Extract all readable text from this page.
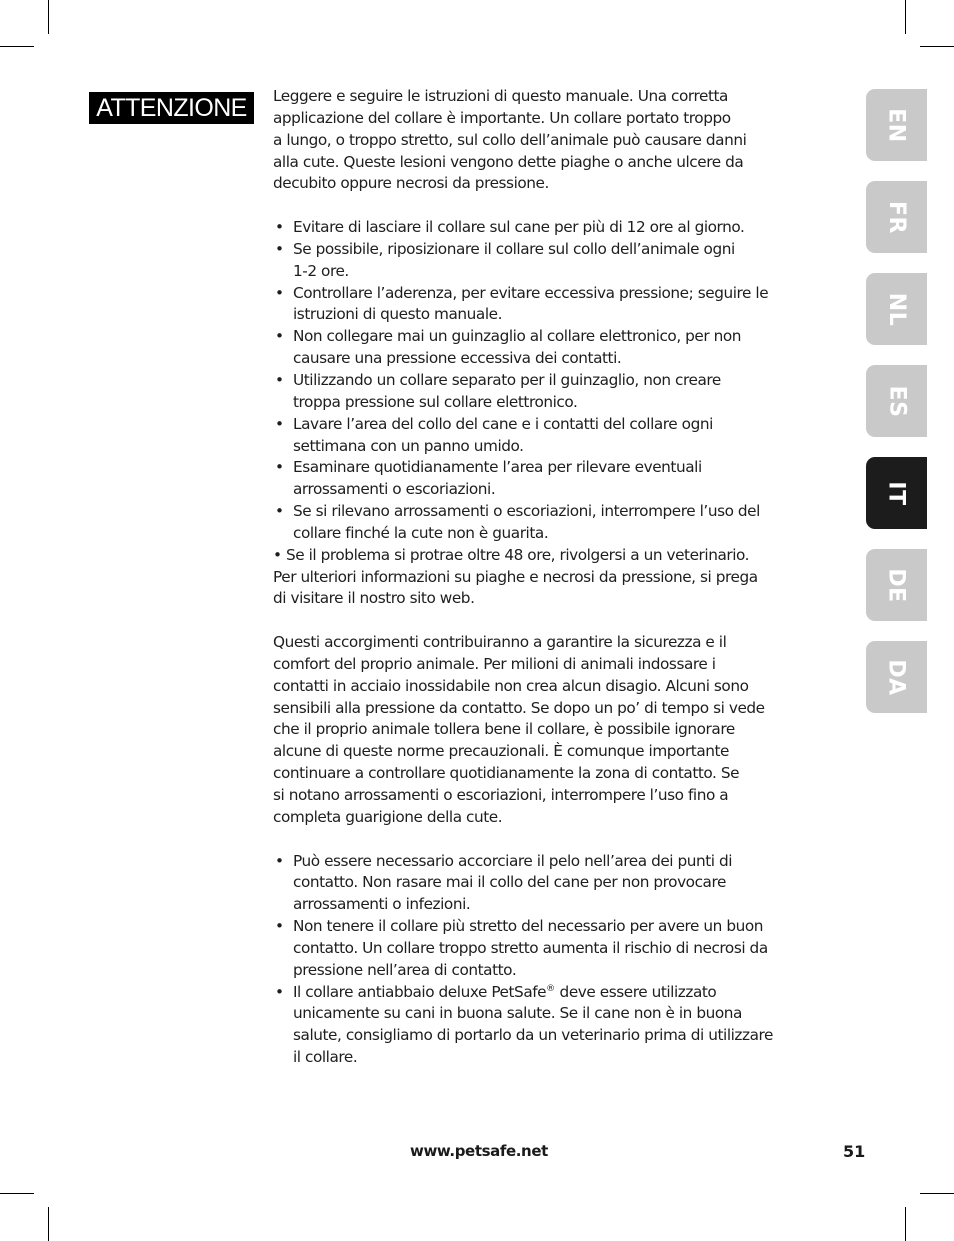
ATTENZIONE	Leggere e seguire le istruzioni di questo manuale. Una corretta

applicazione del collare è importante. Un collare portato troppo

a lungo, o troppo stretto, sul collo dell’animale può causare danni

alla cute. Queste lesioni vengono dette piaghe o anche ulcere da

decubito oppure necrosi da pressione.

• Evitare di lasciare il collare sul cane per più di 12 ore al giorno.

• Se possibile, riposizionare il collare sul collo dell’animale ogni

1-2 ore.

• Controllare l’aderenza, per evitare eccessiva pressione; seguire le

istruzioni di questo manuale.

• Non collegare mai un guinzaglio al collare elettronico, per non

causare una pressione eccessiva dei contatti.

• Utilizzando un collare separato per il guinzaglio, non creare

troppa pressione sul collare elettronico.

• Lavare l’area del collo del cane e i contatti del collare ogni

settimana con un panno umido.

• Esaminare quotidianamente l’area per rilevare eventuali

arrossamenti o escoriazioni.

• Se si rilevano arrossamenti o escoriazioni, interrompere l’uso del

collare finché la cute non è guarita.

• Se il problema si protrae oltre 48 ore, rivolgersi a un veterinario.

Per ulteriori informazioni su piaghe e necrosi da pressione, si prega

di visitare il nostro sito web.

Questi accorgimenti contribuiranno a garantire la sicurezza e il

comfort del proprio animale. Per milioni di animali indossare i

contatti in acciaio inossidabile non crea alcun disagio. Alcuni sono

sensibili alla pressione da contatto. Se dopo un po’ di tempo si vede

che il proprio animale tollera bene il collare, è possibile ignorare

alcune di queste norme precauzionali. È comunque importante

continuare a controllare quotidianamente la zona di contatto. Se

si notano arrossamenti o escoriazioni, interrompere l’uso fino a

completa guarigione della cute.

• Può essere necessario accorciare il pelo nell’area dei punti di

contatto. Non rasare mai il collo del cane per non provocare

arrossamenti o infezioni.

• Non tenere il collare più stretto del necessario per avere un buon

contatto. Un collare troppo stretto aumenta il rischio di necrosi da

pressione nell’area di contatto.

• Il collare antiabbaio deluxe PetSafe® deve essere utilizzato

unicamente su cani in buona salute. Se il cane non è in buona

salute, consigliamo di portarlo da un veterinario prima di utilizzare

il collare.

EN
FR
NL
ES
IT
DE
DA
www.petsafe.net	51
